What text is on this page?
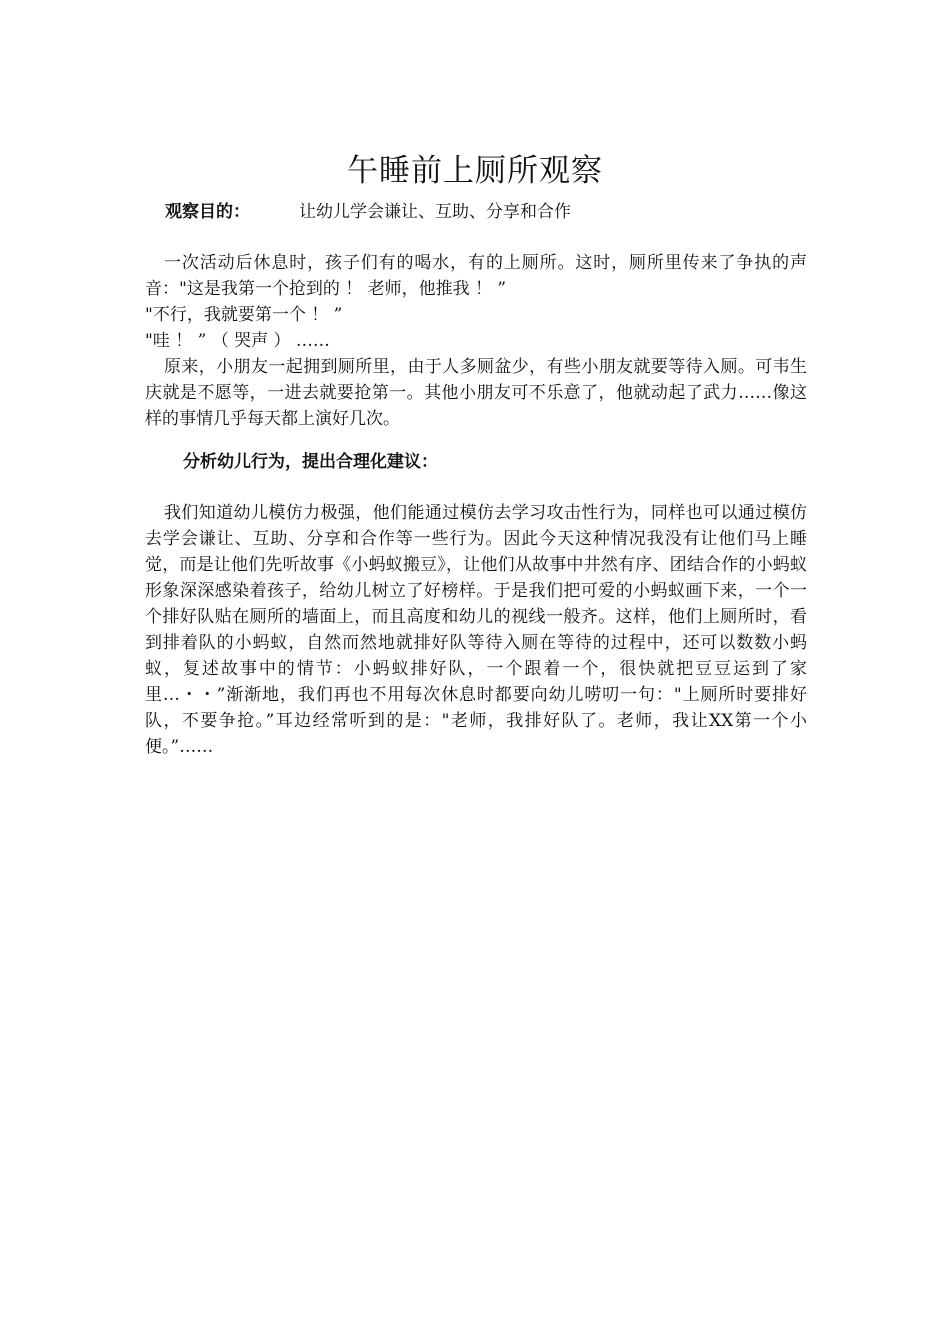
午睡前上厕所观察
观察目的：	让幼儿学会谦让、互助、分享和合作

一次活动后休息时，孩子们有的喝水，有的上厕所。这时，厕所里传来了争执的声音："这是我第一个抢到的 ！ 老师，他推我 ！ ”

"不行，我就要第一个 ！ ”

"哇 ！ ” （ 哭声 ） ……

原来，小朋友一起拥到厕所里，由于人多厕盆少，有些小朋友就要等待入厕。可韦生庆就是不愿等，一进去就要抢第一。其他小朋友可不乐意了，他就动起了武力……像这样的事情几乎每天都上演好几次。

分析幼儿行为，提出合理化建议：

我们知道幼儿模仿力极强，他们能通过模仿去学习攻击性行为，同样也可以通过模仿去学会谦让、互助、分享和合作等一些行为。因此今天这种情况我没有让他们马上睡觉，而是让他们先听故事《小蚂蚁搬豆》，让他们从故事中井然有序、团结合作的小蚂蚁形象深深感染着孩子，给幼儿树立了好榜样。于是我们把可爱的小蚂蚁画下来，一个一个排好队贴在厕所的墙面上，而且高度和幼儿的视线一般齐。这样，他们上厕所时，看到排着队的小蚂蚁，自然而然地就排好队等待入厕在等待的过程中，还可以数数小蚂蚁，复述故事中的情节：小蚂蚁排好队，一个跟着一个，很快就把豆豆运到了家里…・・”渐渐地，我们再也不用每次休息时都要向幼儿唠叨一句："上厕所时要排好队，不要争抢。”耳边经常听到的是："老师，我排好队了。老师，我让XX第一个小便。”……
